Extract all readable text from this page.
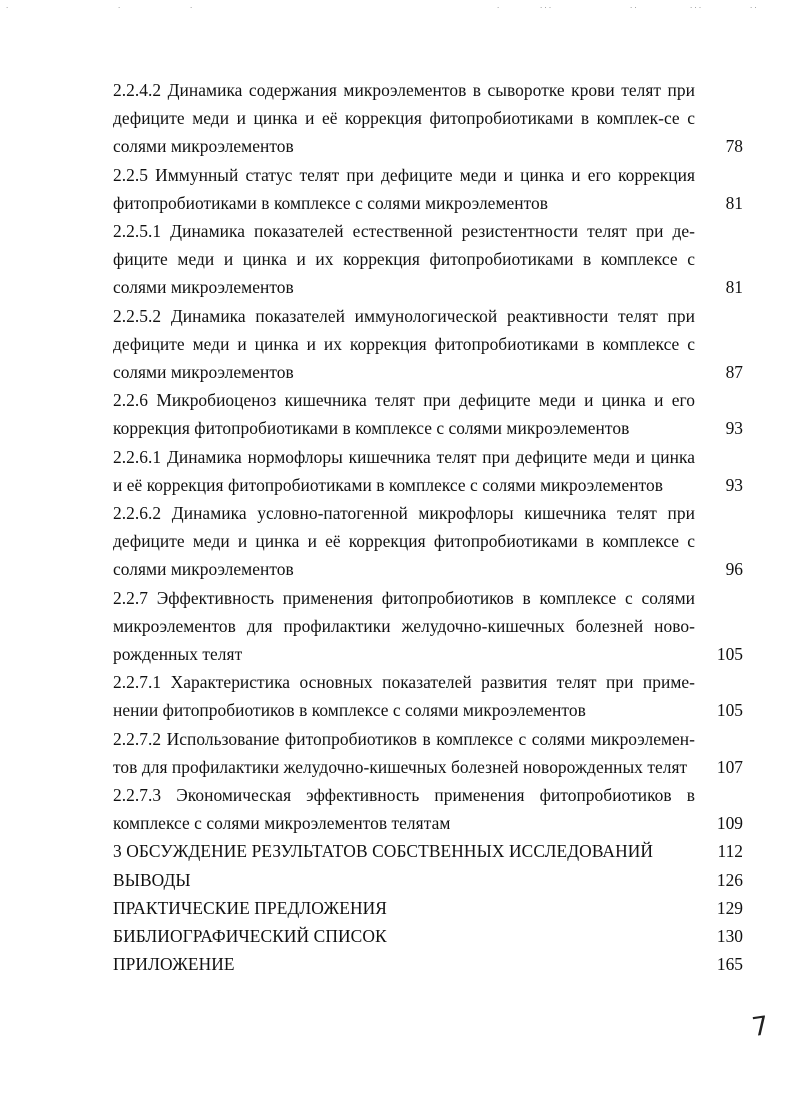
·	·	·	·	· · ·	· ·	· · ·	· ·
2.2.4.2 Динамика содержания микроэлементов в сыворотке крови телят при дефиците меди и цинка и её коррекция фитопробиотиками в комплек-се с солями микроэлементов	78
2.2.5 Иммунный статус телят при дефиците меди и цинка и его коррекция фитопробиотиками в комплексе с солями микроэлементов	81
2.2.5.1 Динамика показателей естественной резистентности телят при де-фиците меди и цинка и их коррекция фитопробиотиками в комплексе с солями микроэлементов	81
2.2.5.2 Динамика показателей иммунологической реактивности телят при дефиците меди и цинка и их коррекция фитопробиотиками в комплексе с солями микроэлементов	87
2.2.6 Микробиоценоз кишечника телят при дефиците меди и цинка и его коррекция фитопробиотиками в комплексе с солями микроэлементов	93
2.2.6.1 Динамика нормофлоры кишечника телят при дефиците меди и цинка и её коррекция фитопробиотиками в комплексе с солями микроэлементов	93
2.2.6.2 Динамика условно-патогенной микрофлоры кишечника телят при дефиците меди и цинка и её коррекция фитопробиотиками в комплексе с солями микроэлементов	96
2.2.7 Эффективность применения фитопробиотиков в комплексе с солями микроэлементов для профилактики желудочно-кишечных болезней ново-рожденных телят	105
2.2.7.1 Характеристика основных показателей развития телят при приме-нении фитопробиотиков в комплексе с солями микроэлементов	105
2.2.7.2 Использование фитопробиотиков в комплексе с солями микроэлемен-тов для профилактики желудочно-кишечных болезней новорожденных телят	107
2.2.7.3 Экономическая эффективность применения фитопробиотиков в комплексе с солями микроэлементов телятам	109
3 ОБСУЖДЕНИЕ РЕЗУЛЬТАТОВ СОБСТВЕННЫХ ИССЛЕДОВАНИЙ	112
ВЫВОДЫ	126
ПРАКТИЧЕСКИЕ ПРЕДЛОЖЕНИЯ	129
БИБЛИОГРАФИЧЕСКИЙ СПИСОК	130
ПРИЛОЖЕНИЕ	165
7
